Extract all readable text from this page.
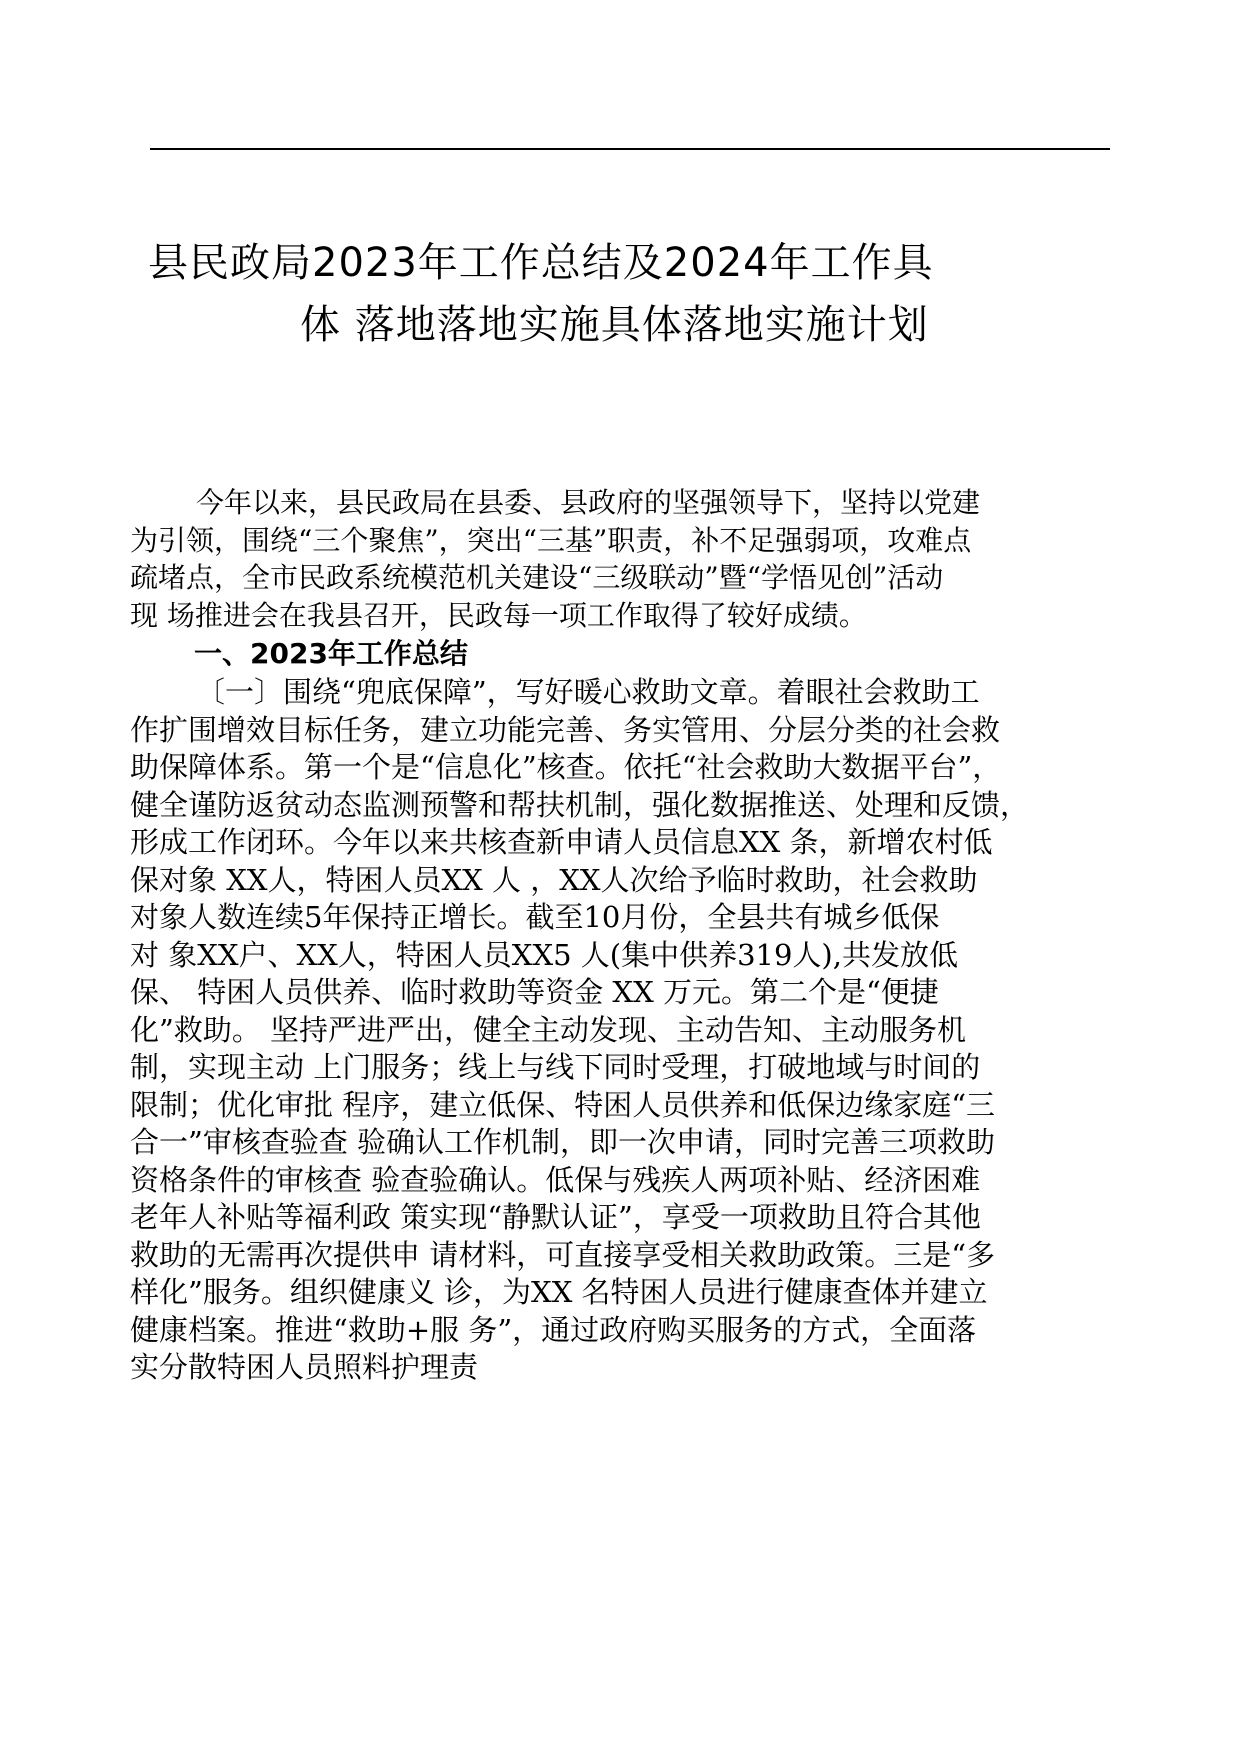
县民政局2023年工作总结及2024年工作具
体 落地落地实施具体落地实施计划

今年以来，县民政局在县委、县政府的坚强领导下，坚持以党建

为引领，围绕“三个聚焦”，突出“三基”职责，补不足强弱项，攻难点

疏堵点，全市民政系统模范机关建设“三级联动”暨“学悟见创”活动

现 场推进会在我县召开，民政每一项工作取得了较好成绩。

一、2023年工作总结

〔一〕围绕“兜底保障”，写好暖心救助文章。着眼社会救助工

作扩围增效目标任务，建立功能完善、务实管用、分层分类的社会救

助保障体系。第一个是“信息化”核查。依托“社会救助大数据平台”，

健全谨防返贫动态监测预警和帮扶机制，强化数据推送、处理和反馈，

形成工作闭环。今年以来共核查新申请人员信息XX 条，新增农村低

保对象 XX人，特困人员XX 人 ，XX人次给予临时救助，社会救助

对象人数连续5年保持正增长。截至10月份，全县共有城乡低保

对 象XX户、XX人，特困人员XX5 人(集中供养319人),共发放低

保、 特困人员供养、临时救助等资金 XX 万元。第二个是“便捷

化”救助。 坚持严进严出，健全主动发现、主动告知、主动服务机

制，实现主动 上门服务；线上与线下同时受理，打破地域与时间的

限制；优化审批 程序，建立低保、特困人员供养和低保边缘家庭“三

合一”审核查验查 验确认工作机制，即一次申请，同时完善三项救助

资格条件的审核查 验查验确认。低保与残疾人两项补贴、经济困难

老年人补贴等福利政 策实现“静默认证”，享受一项救助且符合其他

救助的无需再次提供申 请材料，可直接享受相关救助政策。三是“多

样化”服务。组织健康义 诊，为XX 名特困人员进行健康查体并建立

健康档案。推进“救助+服 务”，通过政府购买服务的方式，全面落

实分散特困人员照料护理责
